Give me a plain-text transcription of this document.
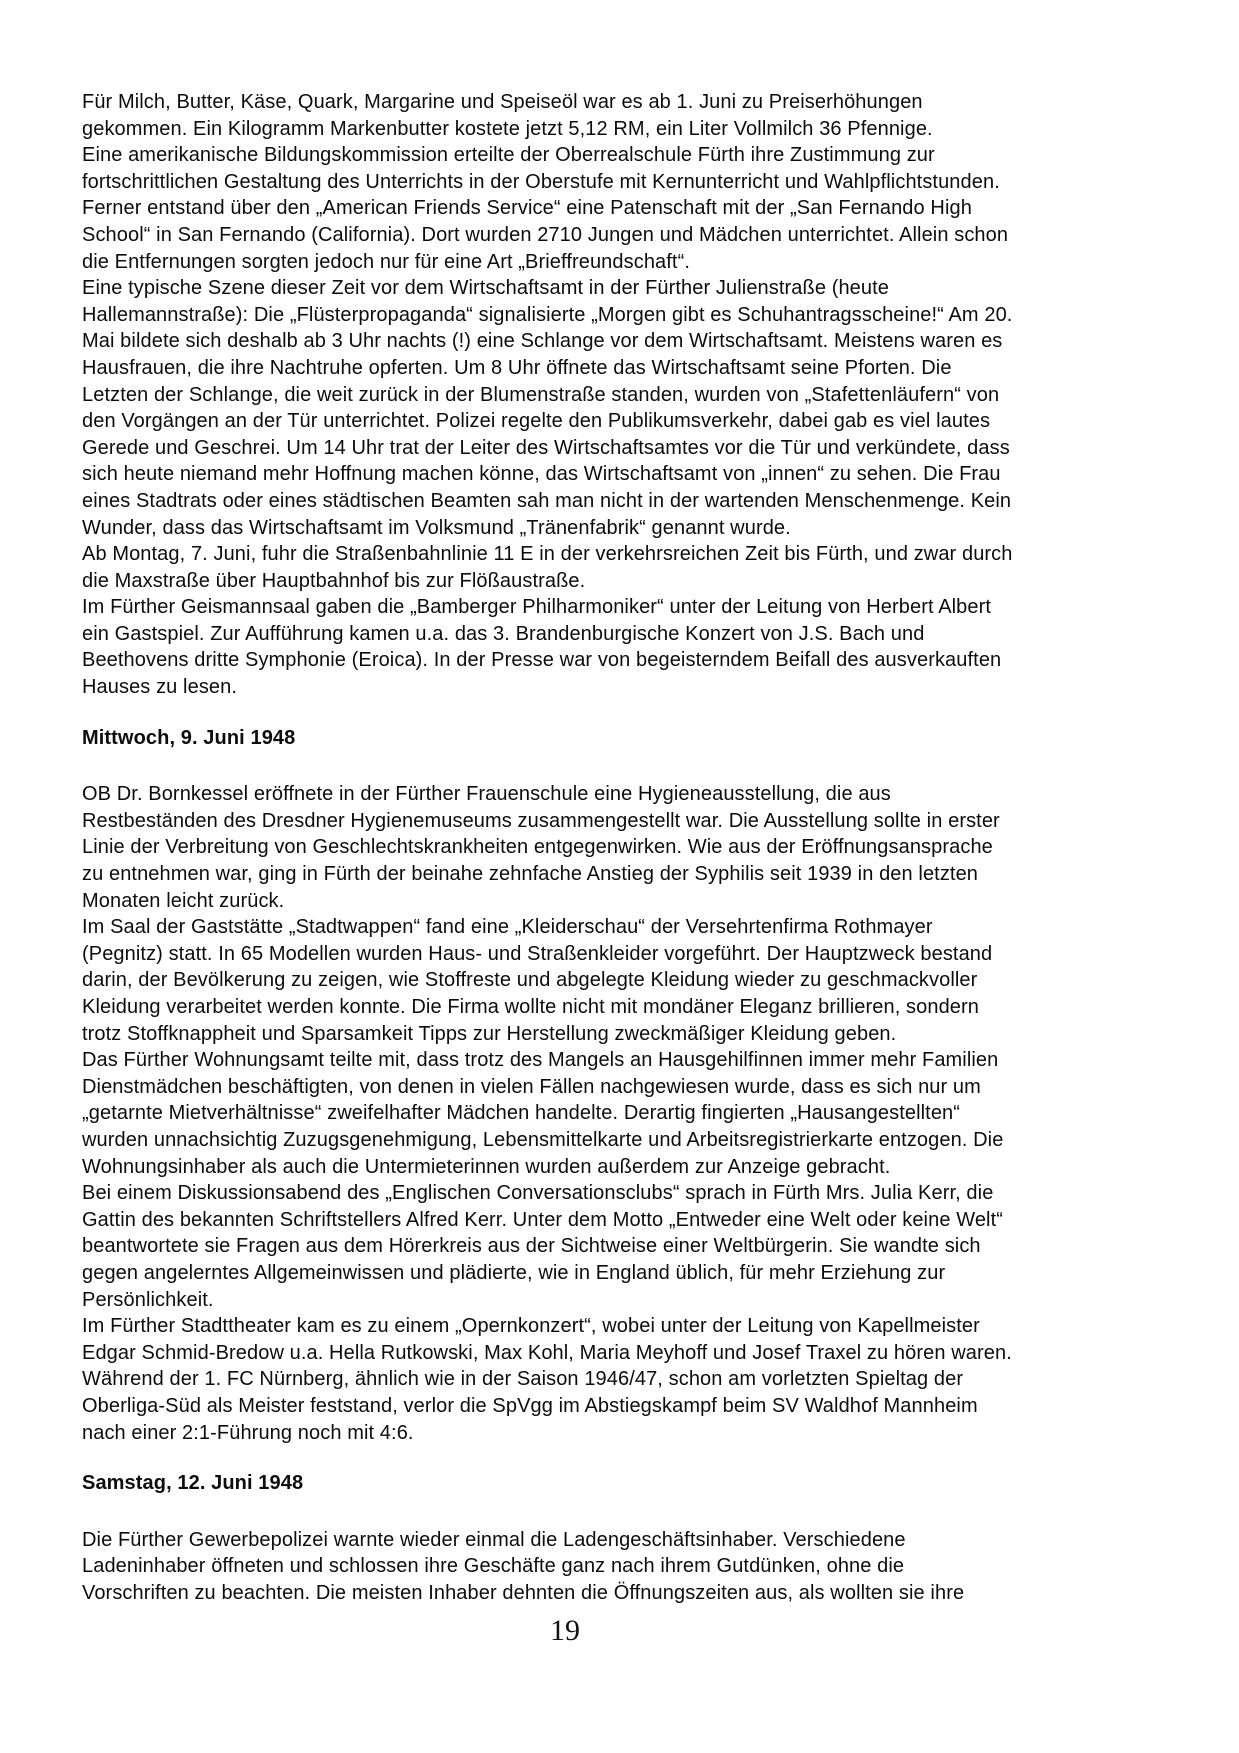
Für Milch, Butter, Käse, Quark, Margarine und Speiseöl war es ab 1. Juni zu Preiserhöhungen
gekommen. Ein Kilogramm Markenbutter kostete jetzt 5,12 RM, ein Liter Vollmilch 36 Pfennige.
Eine amerikanische Bildungskommission erteilte der Oberrealschule Fürth ihre Zustimmung zur
fortschrittlichen Gestaltung des Unterrichts in der Oberstufe mit Kernunterricht und Wahlpflichtstunden.
Ferner entstand über den „American Friends Service“ eine Patenschaft mit der „San Fernando High
School“ in San Fernando (California). Dort wurden 2710 Jungen und Mädchen unterrichtet. Allein schon
die Entfernungen sorgten jedoch nur für eine Art „Brieffreundschaft“.
Eine typische Szene dieser Zeit vor dem Wirtschaftsamt in der Fürther Julienstraße (heute
Hallemannstraße): Die „Flüsterpropaganda“ signalisierte „Morgen gibt es Schuhantragsscheine!“ Am 20.
Mai bildete sich deshalb ab 3 Uhr nachts (!) eine Schlange vor dem Wirtschaftsamt. Meistens waren es
Hausfrauen, die ihre Nachtruhe opferten. Um 8 Uhr öffnete das Wirtschaftsamt seine Pforten. Die
Letzten der Schlange, die weit zurück in der Blumenstraße standen, wurden von „Stafettenläufern“ von
den Vorgängen an der Tür unterrichtet. Polizei regelte den Publikumsverkehr, dabei gab es viel lautes
Gerede und Geschrei. Um 14 Uhr trat der Leiter des Wirtschaftsamtes vor die Tür und verkündete, dass
sich heute niemand mehr Hoffnung machen könne, das Wirtschaftsamt von „innen“ zu sehen. Die Frau
eines Stadtrats oder eines städtischen Beamten sah man nicht in der wartenden Menschenmenge. Kein
Wunder, dass das Wirtschaftsamt im Volksmund „Tränenfabrik“ genannt wurde.
Ab Montag, 7. Juni, fuhr die Straßenbahnlinie 11 E in der verkehrsreichen Zeit bis Fürth, und zwar durch
die Maxstraße über Hauptbahnhof bis zur Flößaustraße.
Im Fürther Geismannsaal gaben die „Bamberger Philharmoniker“ unter der Leitung von Herbert Albert
ein Gastspiel. Zur Aufführung kamen u.a. das 3. Brandenburgische Konzert von J.S. Bach und
Beethovens dritte Symphonie (Eroica). In der Presse war von begeisterndem Beifall des ausverkauften
Hauses zu lesen.
Mittwoch, 9. Juni 1948
OB Dr. Bornkessel eröffnete in der Fürther Frauenschule eine Hygieneausstellung, die aus
Restbeständen des Dresdner Hygienemuseums zusammengestellt war. Die Ausstellung sollte in erster
Linie der Verbreitung von Geschlechtskrankheiten entgegenwirken. Wie aus der Eröffnungsansprache
zu entnehmen war, ging in Fürth der beinahe zehnfache Anstieg der Syphilis seit 1939 in den letzten
Monaten leicht zurück.
Im Saal der Gaststätte „Stadtwappen“ fand eine „Kleiderschau“ der Versehrtenfirma Rothmayer
(Pegnitz) statt. In 65 Modellen wurden Haus- und Straßenkleider vorgeführt. Der Hauptzweck bestand
darin, der Bevölkerung zu zeigen, wie Stoffreste und abgelegte Kleidung wieder zu geschmackvoller
Kleidung verarbeitet werden konnte. Die Firma wollte nicht mit mondäner Eleganz brillieren, sondern
trotz Stoffknappheit und Sparsamkeit Tipps zur Herstellung zweckmäßiger Kleidung geben.
Das Fürther Wohnungsamt teilte mit, dass trotz des Mangels an Hausgehilfinnen immer mehr Familien
Dienstmädchen beschäftigten, von denen in vielen Fällen nachgewiesen wurde, dass es sich nur um
„getarnte Mietverhältnisse“ zweifelhafter Mädchen handelte. Derartig fingierten „Hausangestellten“
wurden unnachsichtig Zuzugsgenehmigung, Lebensmittelkarte und Arbeitsregistrierkarte entzogen. Die
Wohnungsinhaber als auch die Untermieterinnen wurden außerdem zur Anzeige gebracht.
Bei einem Diskussionsabend des „Englischen Conversationsclubs“ sprach in Fürth Mrs. Julia Kerr, die
Gattin des bekannten Schriftstellers Alfred Kerr. Unter dem Motto „Entweder eine Welt oder keine Welt“
beantwortete sie Fragen aus dem Hörerkreis aus der Sichtweise einer Weltbürgerin. Sie wandte sich
gegen angelerntes Allgemeinwissen und plädierte, wie in England üblich, für mehr Erziehung zur
Persönlichkeit.
Im Fürther Stadttheater kam es zu einem „Opernkonzert“, wobei unter der Leitung von Kapellmeister
Edgar Schmid-Bredow u.a. Hella Rutkowski, Max Kohl, Maria Meyhoff und Josef Traxel zu hören waren.
Während der 1. FC Nürnberg, ähnlich wie in der Saison 1946/47, schon am vorletzten Spieltag der
Oberliga-Süd als Meister feststand, verlor die SpVgg im Abstiegskampf beim SV Waldhof Mannheim
nach einer 2:1-Führung noch mit 4:6.
Samstag, 12. Juni 1948
Die Fürther Gewerbepolizei warnte wieder einmal die Ladengeschäftsinhaber. Verschiedene
Ladeninhaber öffneten und schlossen ihre Geschäfte ganz nach ihrem Gutdünken, ohne die
Vorschriften zu beachten. Die meisten Inhaber dehnten die Öffnungszeiten aus, als wollten sie ihre
19
